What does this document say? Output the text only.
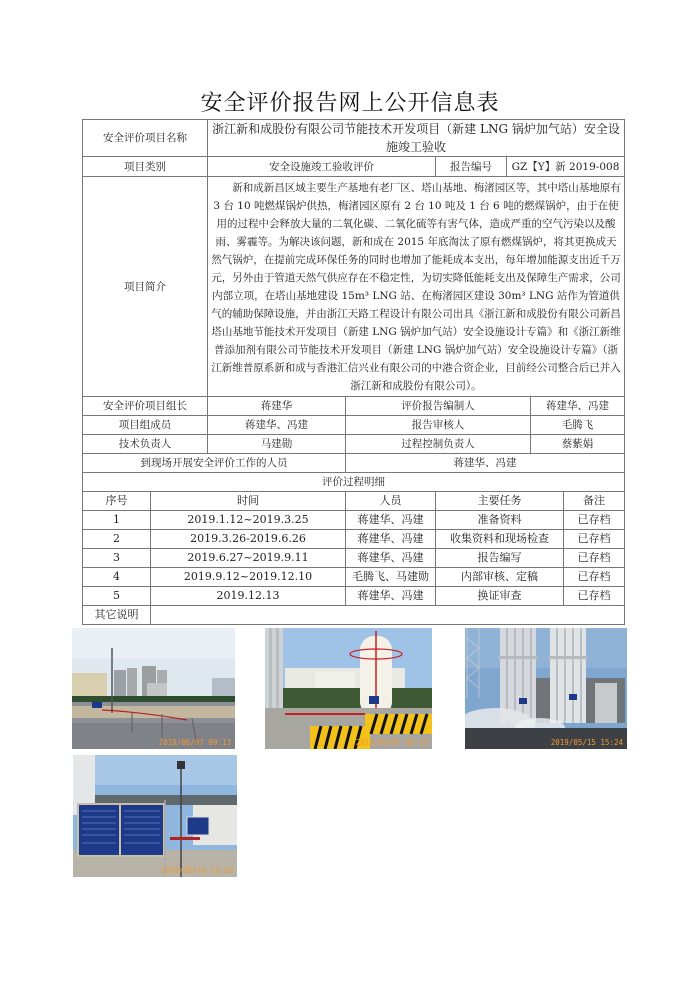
安全评价报告网上公开信息表
安全评价项目名称		浙江新和成股份有限公司节能技术开发项目（新建 LNG 锅炉加气站）安全设施竣工验收					
项目类别		安全设施竣工验收评价		报告编号	GZ【Y】新 2019-008		
项目简介		新和成新昌区域主要生产基地有老厂区、塔山基地、梅渚园区等，其中塔山基地原有 3 台 10 吨燃煤锅炉供热，梅渚园区原有 2 台 10 吨及 1 台 6 吨的燃煤锅炉，由于在使用的过程中会释放大量的二氧化碳、二氧化硫等有害气体，造成严重的空气污染以及酸雨、雾霾等。为解决该问题，新和成在 2015 年底淘汰了原有燃煤锅炉，将其更换成天然气锅炉，在提前完成环保任务的同时也增加了能耗成本支出，每年增加能源支出近千万元，另外由于管道天然气供应存在不稳定性，为切实降低能耗支出及保障生产需求，公司内部立项，在塔山基地建设 15m³ LNG 站、在梅渚园区建设 30m³ LNG 站作为管道供气的辅助保障设施，并由浙江天路工程设计有限公司出具《浙江新和成股份有限公司新昌塔山基地节能技术开发项目（新建 LNG 锅炉加气站）安全设施设计专篇》和《浙江新维普添加剂有限公司节能技术开发项目（新建 LNG 锅炉加气站）安全设施设计专篇》（浙江新维普原系新和成与香港汇信兴业有限公司的中港合资企业，目前经公司整合后已并入浙江新和成股份有限公司）。					
安全评价项目组长		蒋建华	评价报告编制人			蒋建华、冯建	
项目组成员		蒋建华、冯建	报告审核人			毛腾飞	
技术负责人		马建勋	过程控制负责人			蔡紫娟	
到现场开展安全评价工作的人员			蒋建华、冯建				
评价过程明细							
序号	时间		人员	主要任务			备注
1	2019.1.12~2019.3.25		蒋建华、冯建	准备资料			已存档
2	2019.3.26-2019.6.26		蒋建华、冯建	收集资料和现场检查			已存档
3	2019.6.27~2019.9.11		蒋建华、冯建	报告编写			已存档
4	2019.9.12~2019.12.10		毛腾飞、马建勋	内部审核、定稿			已存档
5	2019.12.13		蒋建华、冯建	换证审查			已存档
其它说明							
2019/06/07 09:13	2019/06/07 09:15	2019/05/15 15:24
2019/05/16 13:20
